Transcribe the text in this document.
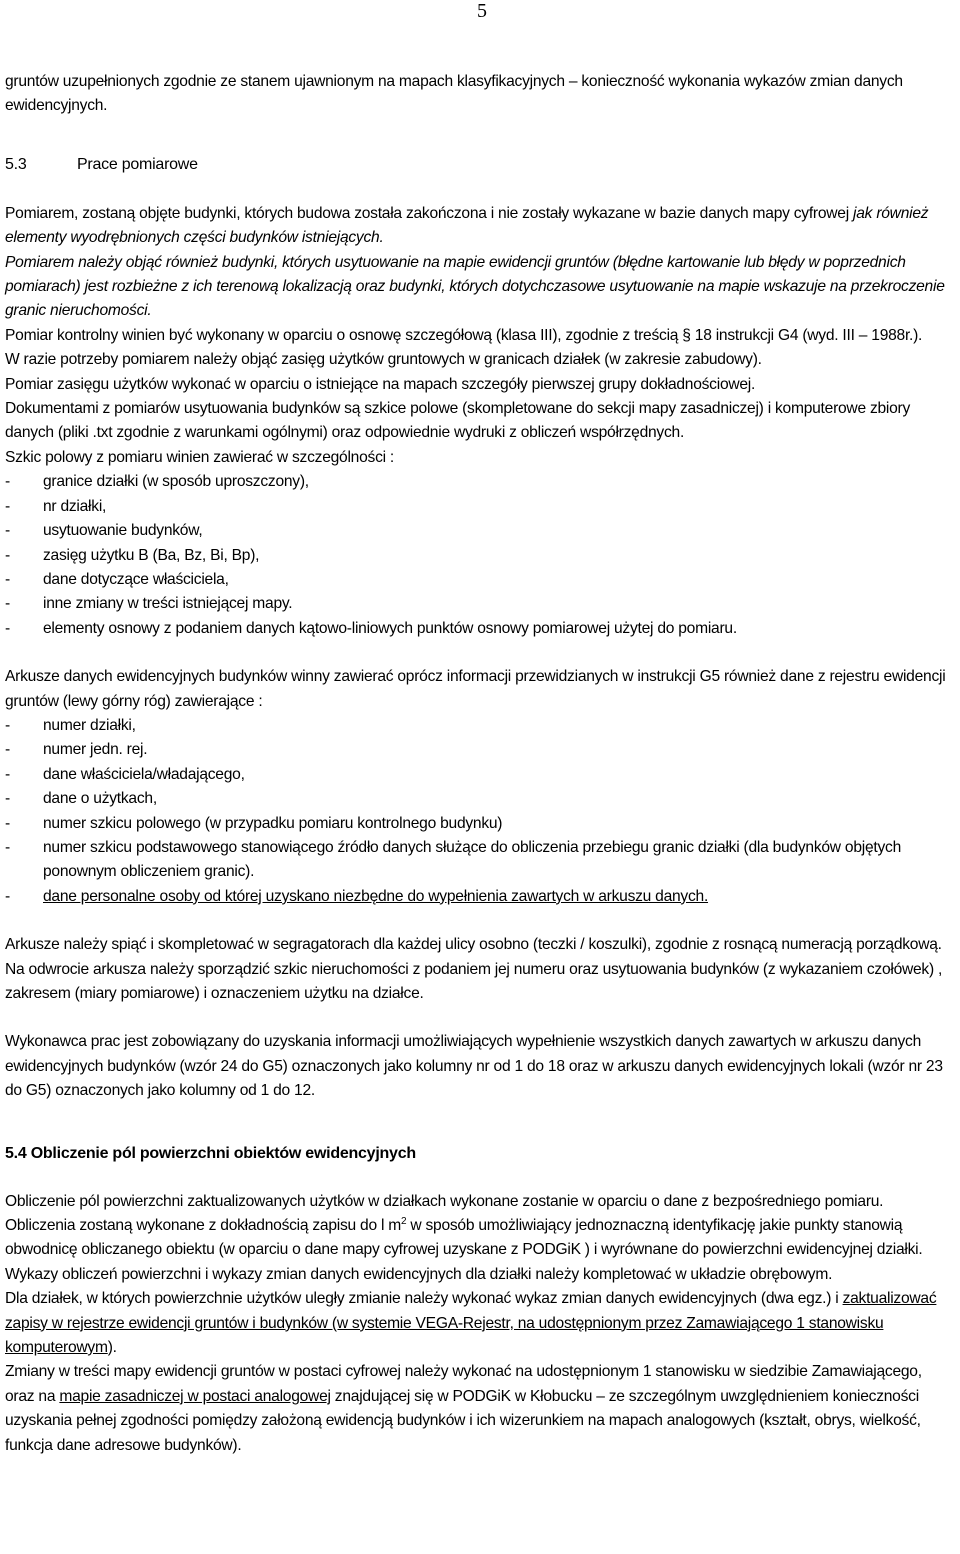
5

gruntów uzupełnionych zgodnie ze stanem ujawnionym na mapach klasyfikacyjnych – konieczność wykonania wykazów zmian danych ewidencyjnych.

5.3	Prace pomiarowe

Pomiarem, zostaną objęte budynki, których budowa została zakończona i nie zostały wykazane w bazie danych mapy cyfrowej jak również elementy wyodrębnionych części budynków istniejących.

Pomiarem należy objąć również budynki, których usytuowanie na mapie ewidencji gruntów (błędne kartowanie lub błędy w poprzednich pomiarach) jest rozbieżne z ich terenową lokalizacją oraz budynki, których dotychczasowe usytuowanie na mapie wskazuje na przekroczenie granic nieruchomości.

Pomiar kontrolny winien być wykonany w oparciu o osnowę szczegółową (klasa III), zgodnie z treścią § 18 instrukcji G4 (wyd. III – 1988r.).

W razie potrzeby pomiarem należy objąć zasięg użytków gruntowych w granicach działek (w zakresie zabudowy).

Pomiar zasięgu użytków wykonać w oparciu o istniejące na mapach szczegóły pierwszej grupy dokładnościowej.

Dokumentami z pomiarów usytuowania budynków są szkice polowe (skompletowane do sekcji mapy zasadniczej) i komputerowe zbiory danych (pliki .txt zgodnie z warunkami ogólnymi) oraz odpowiednie wydruki z obliczeń współrzędnych.

Szkic polowy z pomiaru winien zawierać w szczególności :

- granice działki (w sposób uproszczony),
- nr działki,
- usytuowanie budynków,
- zasięg użytku B (Ba, Bz, Bi, Bp),
- dane dotyczące właściciela,
- inne zmiany w treści istniejącej mapy.
- elementy osnowy z podaniem danych kątowo-liniowych punktów osnowy pomiarowej użytej do pomiaru.

Arkusze danych ewidencyjnych budynków winny zawierać oprócz informacji przewidzianych w instrukcji G5 również dane z rejestru ewidencji gruntów (lewy górny róg) zawierające :

- numer działki,
- numer jedn. rej.
- dane właściciela/władającego,
- dane o użytkach,
- numer szkicu polowego (w przypadku pomiaru kontrolnego budynku)
- numer szkicu podstawowego stanowiącego źródło danych służące do obliczenia przebiegu granic działki (dla budynków objętych ponownym obliczeniem granic).
- dane personalne osoby od której uzyskano niezbędne do wypełnienia zawartych w arkuszu danych.

Arkusze należy spiąć i skompletować w segragatorach dla każdej ulicy osobno (teczki / koszulki), zgodnie z rosnącą numeracją porządkową.

Na odwrocie arkusza należy sporządzić szkic nieruchomości z podaniem jej numeru oraz usytuowania budynków (z wykazaniem czołówek) , zakresem (miary pomiarowe) i oznaczeniem użytku na działce.

Wykonawca prac jest zobowiązany do uzyskania informacji umożliwiających wypełnienie wszystkich danych zawartych w arkuszu danych ewidencyjnych budynków (wzór 24 do G5) oznaczonych jako kolumny nr od 1 do 18 oraz w arkuszu danych ewidencyjnych lokali (wzór nr 23 do G5) oznaczonych jako kolumny od 1 do 12.

5.4 Obliczenie pól powierzchni obiektów ewidencyjnych

Obliczenie pól powierzchni zaktualizowanych użytków w działkach wykonane zostanie w oparciu o dane z bezpośredniego pomiaru. Obliczenia zostaną wykonane z dokładnością zapisu do l $m^2$ w sposób umożliwiający jednoznaczną identyfikację jakie punkty stanowią obwodnicę obliczanego obiektu (w oparciu o dane mapy cyfrowej uzyskane z PODGiK ) i wyrównane do powierzchni ewidencyjnej działki.

Wykazy obliczeń powierzchni i wykazy zmian danych ewidencyjnych dla działki należy kompletować w układzie obrębowym.

Dla działek, w których powierzchnie użytków uległy zmianie należy wykonać wykaz zmian danych ewidencyjnych (dwa egz.) i zaktualizować zapisy w rejestrze ewidencji gruntów i budynków (w systemie VEGA-Rejestr, na udostępnionym przez Zamawiającego 1 stanowisku komputerowym).

Zmiany w treści mapy ewidencji gruntów w postaci cyfrowej należy wykonać na udostępnionym 1 stanowisku w siedzibie Zamawiającego, oraz na mapie zasadniczej w postaci analogowej znajdującej się w PODGiK w Kłobucku – ze szczególnym uwzględnieniem konieczności uzyskania pełnej zgodności pomiędzy założoną ewidencją budynków i ich wizerunkiem na mapach analogowych (kształt, obrys, wielkość, funkcja dane adresowe budynków).
